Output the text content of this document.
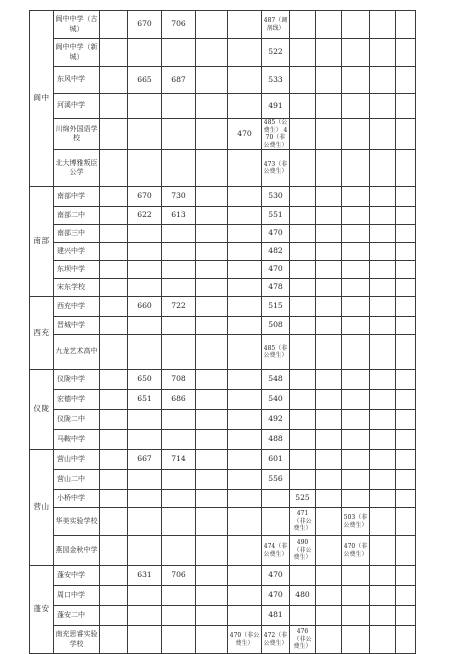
阆中	阆中中学（古城）		670	706			487（调剂线）					
	阆中中学（新城）						522					
	东风中学		665	687			533					
	河溪中学						491					
	川绵外国语学校					470	485（公费生） 470（非公费生）					
	北大博雅叛臣公学						473（非公费生）					
南部	南部中学		670	730			530					
	南部二中		622	613			551					
	南部三中						470					
	建兴中学						482					
	东坝中学						470					
	宋东学校						478					
西充	西充中学		660	722			515					
	晋城中学						508					
	九龙艺术高中						485（非公费生）					
仪陇	仪陇中学		650	708			548					
	宏德中学		651	686			540					
	仪陇二中						492					
	马鞍中学						488					
营山	营山中学		667	714			601					
	营山二中						556					
	小桥中学							525				
	华美实验学校							471（非公费生）		503（非公费生）		
	燕园金秋中学						474（非公费生）	490（非公费生）		470（非公费生）		
蓬安	蓬安中学		631	706			470					
	周口中学						470	480				
	蓬安二中						481					
	南充思睿实验学校					470（非公费生）	472（非公费生）	476（非公费生）				
